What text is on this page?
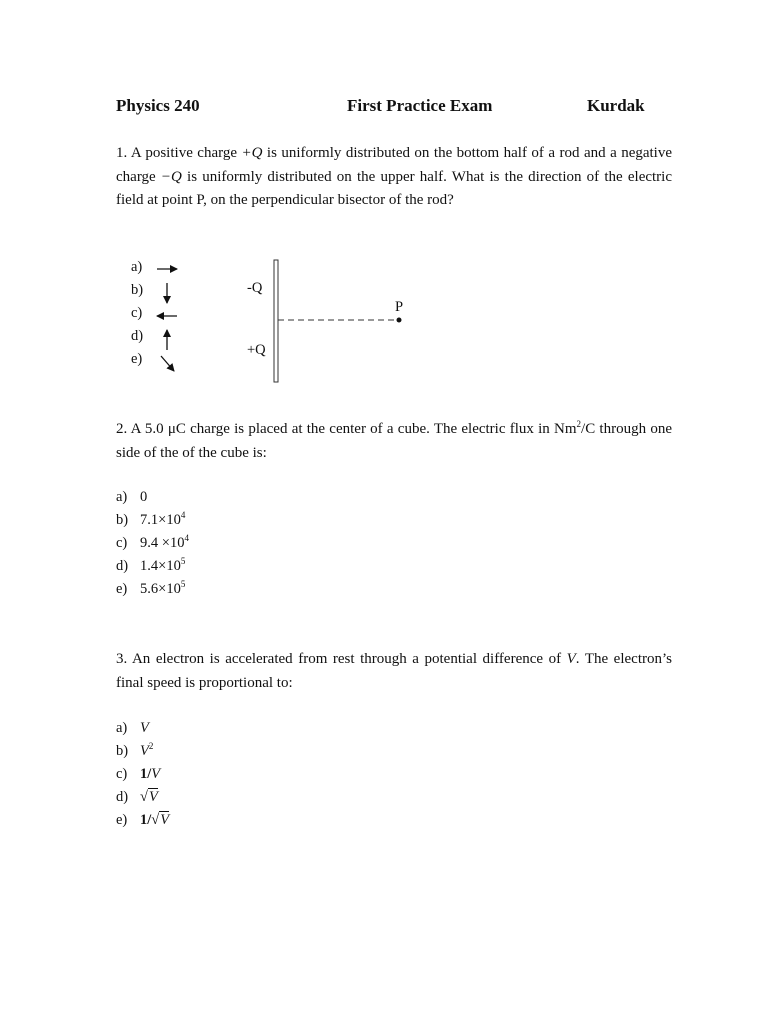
Physics 240	First Practice Exam	Kurdak
1. A positive charge +Q is uniformly distributed on the bottom half of a rod and a negative charge −Q is uniformly distributed on the upper half. What is the direction of the electric field at point P, on the perpendicular bisector of the rod?
a)
b)
c)
d)
e)
-Q
+Q
P
2. A 5.0 μC charge is placed at the center of a cube. The electric flux in Nm$^2$/C through one side of the of the cube is:
a) 0
b) $7.1\times 10^4$
c) $9.4 \times 10^4$
d) $1.4\times 10^5$
e) $5.6\times 10^5$
3. An electron is accelerated from rest through a potential difference of V. The electron’s final speed is proportional to:
a) V
b) $V^2$
c) 1/V
d) √V
e) 1/√V
